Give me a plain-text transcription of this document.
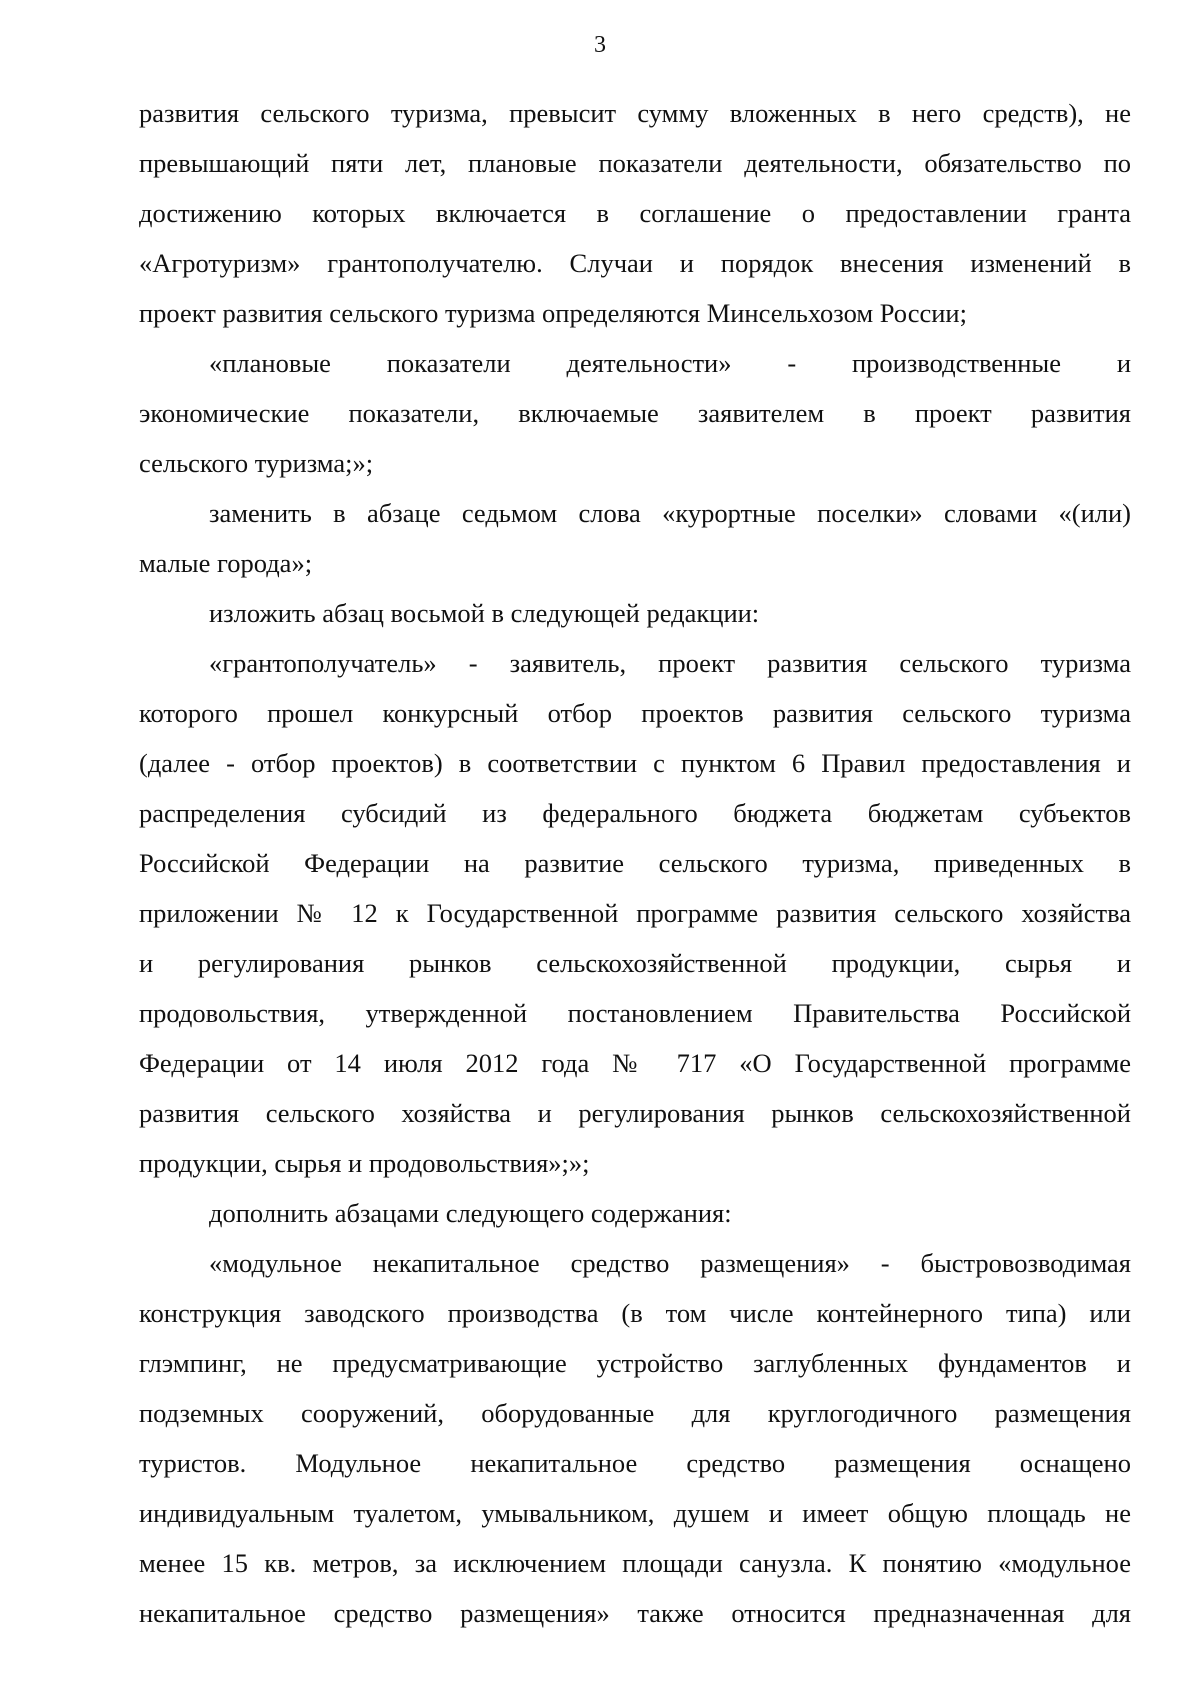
3
развития сельского туризма, превысит сумму вложенных в него средств), не
превышающий пяти лет, плановые показатели деятельности, обязательство по
достижению которых включается в соглашение о предоставлении гранта
«Агротуризм» грантополучателю. Случаи и порядок внесения изменений в
проект развития сельского туризма определяются Минсельхозом России;
«плановые показатели деятельности» - производственные и
экономические показатели, включаемые заявителем в проект развития
сельского туризма;»;
заменить в абзаце седьмом слова «курортные поселки» словами «(или)
малые города»;
изложить абзац восьмой в следующей редакции:
«грантополучатель» - заявитель, проект развития сельского туризма
которого прошел конкурсный отбор проектов развития сельского туризма
(далее - отбор проектов) в соответствии с пунктом 6 Правил предоставления и
распределения субсидий из федерального бюджета бюджетам субъектов
Российской Федерации на развитие сельского туризма, приведенных в
приложении № 12 к Государственной программе развития сельского хозяйства
и регулирования рынков сельскохозяйственной продукции, сырья и
продовольствия, утвержденной постановлением Правительства Российской
Федерации от 14 июля 2012 года № 717 «О Государственной программе
развития сельского хозяйства и регулирования рынков сельскохозяйственной
продукции, сырья и продовольствия»;»;
дополнить абзацами следующего содержания:
«модульное некапитальное средство размещения» - быстровозводимая
конструкция заводского производства (в том числе контейнерного типа) или
глэмпинг, не предусматривающие устройство заглубленных фундаментов и
подземных сооружений, оборудованные для круглогодичного размещения
туристов. Модульное некапитальное средство размещения оснащено
индивидуальным туалетом, умывальником, душем и имеет общую площадь не
менее 15 кв. метров, за исключением площади санузла. К понятию «модульное
некапитальное средство размещения» также относится предназначенная для
